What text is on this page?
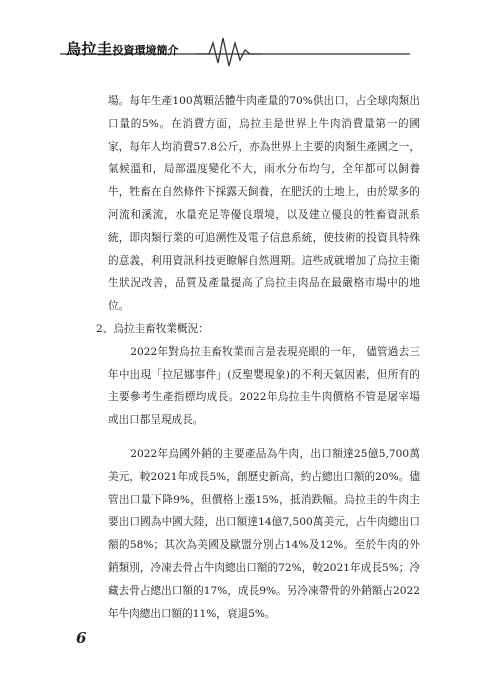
烏拉圭投資環境簡介

場。每年生產100萬顆活體牛肉產量的70%供出口，占全球肉類出口量的5%。在消費方面，烏拉圭是世界上牛肉消費量第一的國家，每年人均消費57.8公斤，亦為世界上主要的肉類生產國之一，氣候溫和，局部溫度變化不大，雨水分布均勻，全年都可以飼養牛，牲畜在自然條件下採露天飼養，在肥沃的土地上，由於眾多的河流和溪流，水量充足等優良環境，以及建立優良的牲畜資訊系統，即肉類行業的可追溯性及電子信息系統，使技術的投資具特殊的意義，利用資訊科技更瞭解自然週期。這些成就增加了烏拉圭衛生狀況改善，品質及產量提高了烏拉圭肉品在最嚴格市場中的地位。

2、烏拉圭畜牧業概況：

2022年對烏拉圭畜牧業而言是表現亮眼的一年， 儘管過去三年中出現「拉尼娜事件」(反聖嬰現象)的不利天氣因素，但所有的主要參考生產指標均成長。2022年烏拉圭牛肉價格不管是屠宰場或出口都呈現成長。

2022年烏國外銷的主要產品為牛肉，出口額達25億5,700萬美元，較2021年成長5%，創歷史新高，約占總出口額的20%。儘管出口量下降9%，但價格上漲15%，抵消跌幅。烏拉圭的牛肉主要出口國為中國大陸，出口額達14億7,500萬美元，占牛肉總出口額的58%；其次為美國及歐盟分別占14%及12%。至於牛肉的外銷類別，冷凍去骨占牛肉總出口額的72%，較2021年成長5%；冷藏去骨占總出口額的17%，成長9%。另冷凍帶骨的外銷額占2022年牛肉總出口額的11%，衰退5%。

6
